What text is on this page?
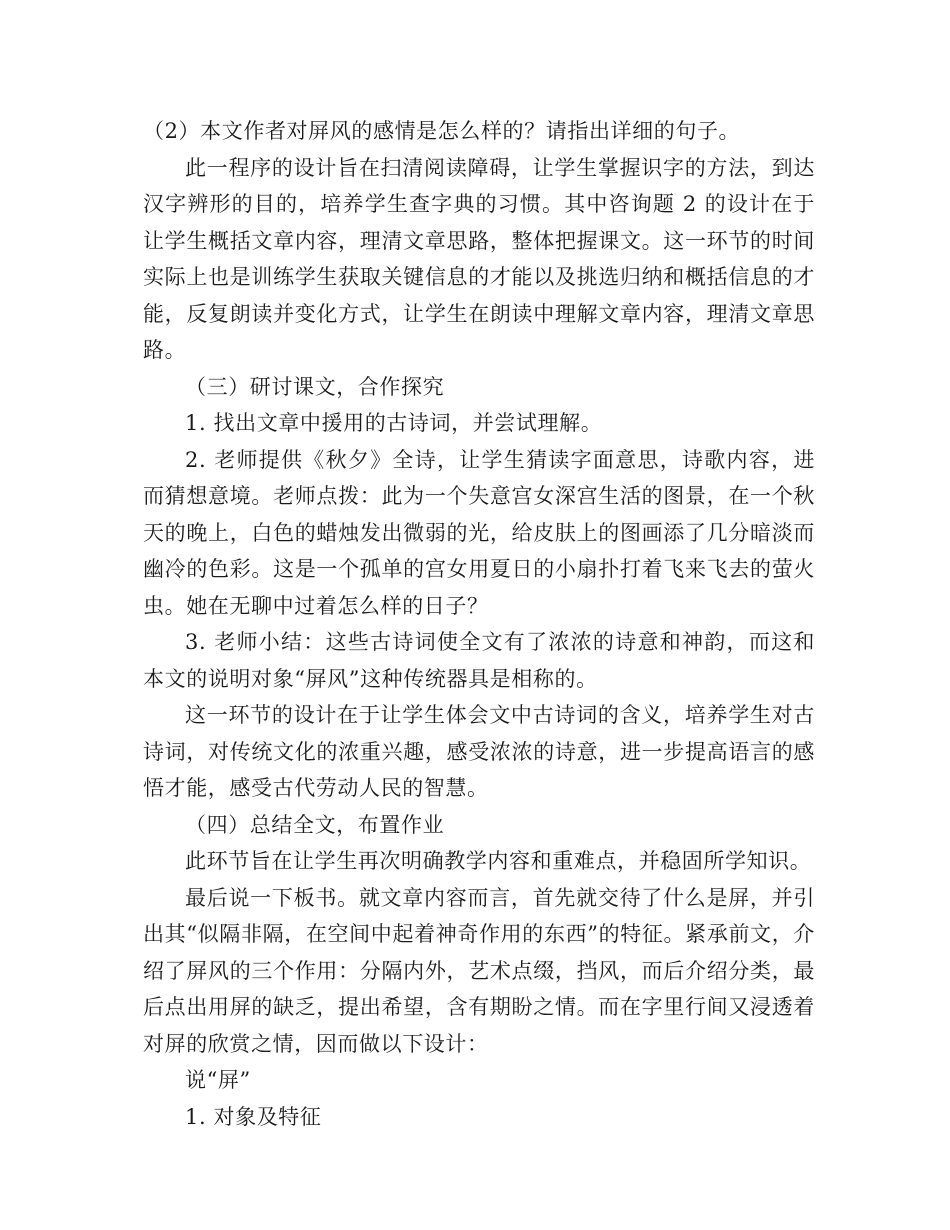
（2）本文作者对屏风的感情是怎么样的？请指出详细的句子。

此一程序的设计旨在扫清阅读障碍，让学生掌握识字的方法，到达汉字辨形的目的，培养学生查字典的习惯。其中咨询题 2 的设计在于让学生概括文章内容，理清文章思路，整体把握课文。这一环节的时间实际上也是训练学生获取关键信息的才能以及挑选归纳和概括信息的才能，反复朗读并变化方式，让学生在朗读中理解文章内容，理清文章思路。

（三）研讨课文，合作探究

1. 找出文章中援用的古诗词，并尝试理解。

2. 老师提供《秋夕》全诗，让学生猜读字面意思，诗歌内容，进而猜想意境。老师点拨：此为一个失意宫女深宫生活的图景，在一个秋天的晚上，白色的蜡烛发出微弱的光，给皮肤上的图画添了几分暗淡而幽冷的色彩。这是一个孤单的宫女用夏日的小扇扑打着飞来飞去的萤火虫。她在无聊中过着怎么样的日子？

3. 老师小结：这些古诗词使全文有了浓浓的诗意和神韵，而这和本文的说明对象“屏风”这种传统器具是相称的。

这一环节的设计在于让学生体会文中古诗词的含义，培养学生对古诗词，对传统文化的浓重兴趣，感受浓浓的诗意，进一步提高语言的感悟才能，感受古代劳动人民的智慧。

（四）总结全文，布置作业

此环节旨在让学生再次明确教学内容和重难点，并稳固所学知识。

最后说一下板书。就文章内容而言，首先就交待了什么是屏，并引出其“似隔非隔，在空间中起着神奇作用的东西”的特征。紧承前文，介绍了屏风的三个作用：分隔内外，艺术点缀，挡风，而后介绍分类，最后点出用屏的缺乏，提出希望，含有期盼之情。而在字里行间又浸透着对屏的欣赏之情，因而做以下设计：

说“屏”

1. 对象及特征
